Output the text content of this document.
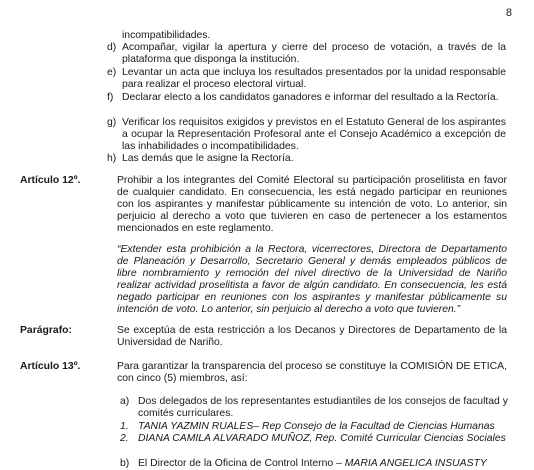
8
incompatibilidades.
d) Acompañar, vigilar la apertura y cierre del proceso de votación, a través de la plataforma que disponga la institución.
e) Levantar un acta que incluya los resultados presentados por la unidad responsable para realizar el proceso electoral virtual.
f) Declarar electo a los candidatos ganadores e informar del resultado a la Rectoría.
g) Verificar los requisitos exigidos y previstos en el Estatuto General de los aspirantes a ocupar la Representación Profesoral ante el Consejo Académico a excepción de las inhabilidades o incompatibilidades.
h) Las demás que le asigne la Rectoría.
Artículo 12º.	Prohibir a los integrantes del Comité Electoral su participación proselitista en favor de cualquier candidato. En consecuencia, les está negado participar en reuniones con los aspirantes y manifestar públicamente su intención de voto. Lo anterior, sin perjuicio al derecho a voto que tuvieren en caso de pertenecer a los estamentos mencionados en este reglamento.
“Extender esta prohibición a la Rectora, vicerrectores, Directora de Departamento de Planeación y Desarrollo, Secretario General y demás empleados públicos de libre nombramiento y remoción del nivel directivo de la Universidad de Nariño realizar actividad proselitista a favor de algún candidato. En consecuencia, les está negado participar en reuniones con los aspirantes y manifestar públicamente su intención de voto. Lo anterior, sin perjuicio al derecho a voto que tuvieren.”
Parágrafo:	Se exceptúa de esta restricción a los Decanos y Directores de Departamento de la Universidad de Nariño.
Artículo 13º.	Para garantizar la transparencia del proceso se constituye la COMISIÓN DE ETICA, con cinco (5) miembros, así:
a) Dos delegados de los representantes estudiantiles de los consejos de facultad y comités curriculares.
1. TANIA YAZMIN RUALES– Rep Consejo de la Facultad de Ciencias Humanas
2. DIANA CAMILA ALVARADO MUÑOZ, Rep. Comité Curricular Ciencias Sociales
b) El Director de la Oficina de Control Interno – MARIA ANGELICA INSUASTY
